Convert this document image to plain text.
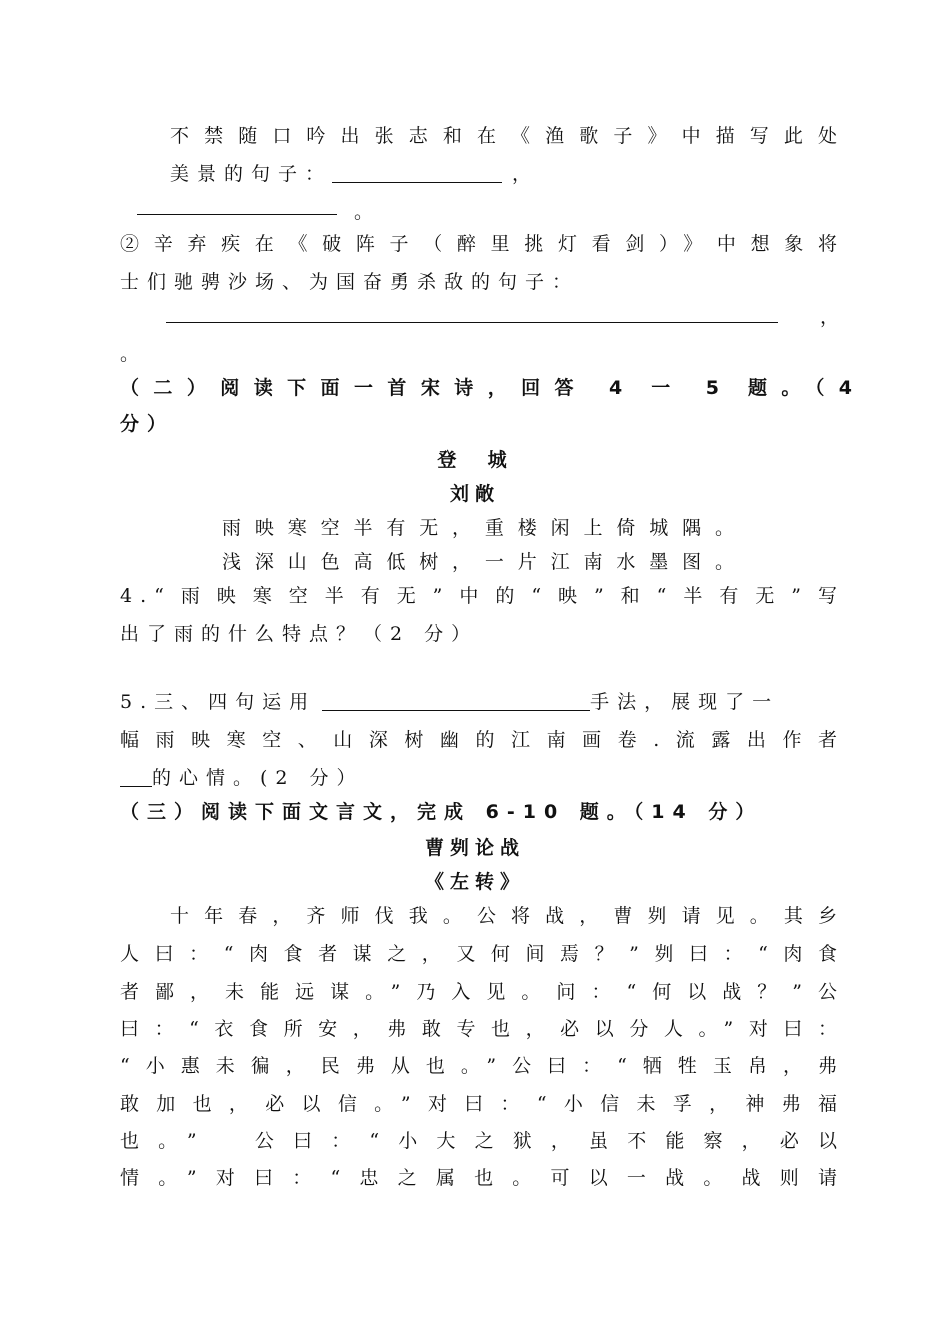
不禁随口吟出张志和在《渔歌子》中描写此处
美景的句子：	，
。
②辛弃疾在《破阵子（醉里挑灯看剑）》中想象将
士们驰骋沙场、为国奋勇杀敌的句子：
，
。
（二）阅读下面一首宋诗，回答 4 一 5 题。（4
分）
登  城
刘敞
雨映寒空半有无，重楼闲上倚城隅。
浅深山色高低树，一片江南水墨图。
4.“雨映寒空半有无”中的“映”和“半有无”写
出了雨的什么特点？（2 分）
5.三、四句运用	手法，展现了一
幅雨映寒空、山深树幽的江南画卷.流露出作者
的心情。(2 分）
（三）阅读下面文言文，完成 6-10 题。（14 分）
曹刿论战
《左转》
十年春，齐师伐我。公将战，曹刿请见。其乡
人曰：“肉食者谋之，又何间焉？”刿曰：“肉食
者鄙，未能远谋。”乃入见。问：“何以战？”公
曰：“衣食所安，弗敢专也，必以分人。”对曰：
“小惠未徧，民弗从也。”公曰：“牺牲玉帛，弗
敢加也，必以信。”对曰：“小信未孚，神弗福
也。”  公曰：“小大之狱，虽不能察，必以
情。”对曰：“忠之属也。可以一战。战则请
